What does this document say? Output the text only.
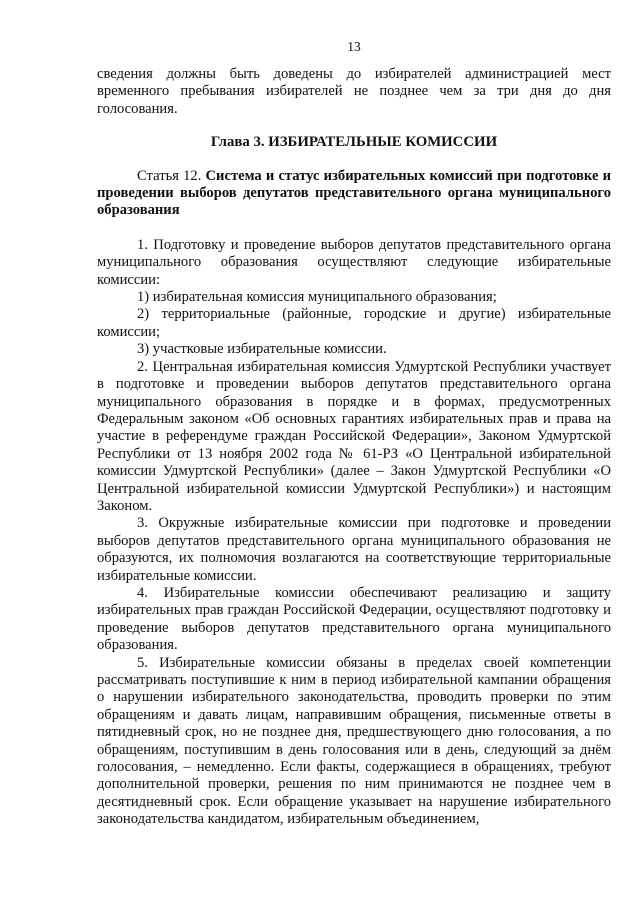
13

сведения должны быть доведены до избирателей администрацией мест временного пребывания избирателей не позднее чем за три дня до дня голосования.

Глава 3. ИЗБИРАТЕЛЬНЫЕ КОМИССИИ

Статья 12. Система и статус избирательных комиссий при подготовке и проведении выборов депутатов представительного органа муниципального образования

1. Подготовку и проведение выборов депутатов представительного органа муниципального образования осуществляют следующие избирательные комиссии:

1) избирательная комиссия муниципального образования;

2) территориальные (районные, городские и другие) избирательные комиссии;

3) участковые избирательные комиссии.

2. Центральная избирательная комиссия Удмуртской Республики участвует в подготовке и проведении выборов депутатов представительного органа муниципального образования в порядке и в формах, предусмотренных Федеральным законом «Об основных гарантиях избирательных прав и права на участие в референдуме граждан Российской Федерации», Законом Удмуртской Республики от 13 ноября 2002 года № 61-РЗ «О Центральной избирательной комиссии Удмуртской Республики» (далее – Закон Удмуртской Республики «О Центральной избирательной комиссии Удмуртской Республики») и настоящим Законом.

3. Окружные избирательные комиссии при подготовке и проведении выборов депутатов представительного органа муниципального образования не образуются, их полномочия возлагаются на соответствующие территориальные избирательные комиссии.

4. Избирательные комиссии обеспечивают реализацию и защиту избирательных прав граждан Российской Федерации, осуществляют подготовку и проведение выборов депутатов представительного органа муниципального образования.

5. Избирательные комиссии обязаны в пределах своей компетенции рассматривать поступившие к ним в период избирательной кампании обращения о нарушении избирательного законодательства, проводить проверки по этим обращениям и давать лицам, направившим обращения, письменные ответы в пятидневный срок, но не позднее дня, предшествующего дню голосования, а по обращениям, поступившим в день голосования или в день, следующий за днём голосования, – немедленно. Если факты, содержащиеся в обращениях, требуют дополнительной проверки, решения по ним принимаются не позднее чем в десятидневный срок. Если обращение указывает на нарушение избирательного законодательства кандидатом, избирательным объединением,
